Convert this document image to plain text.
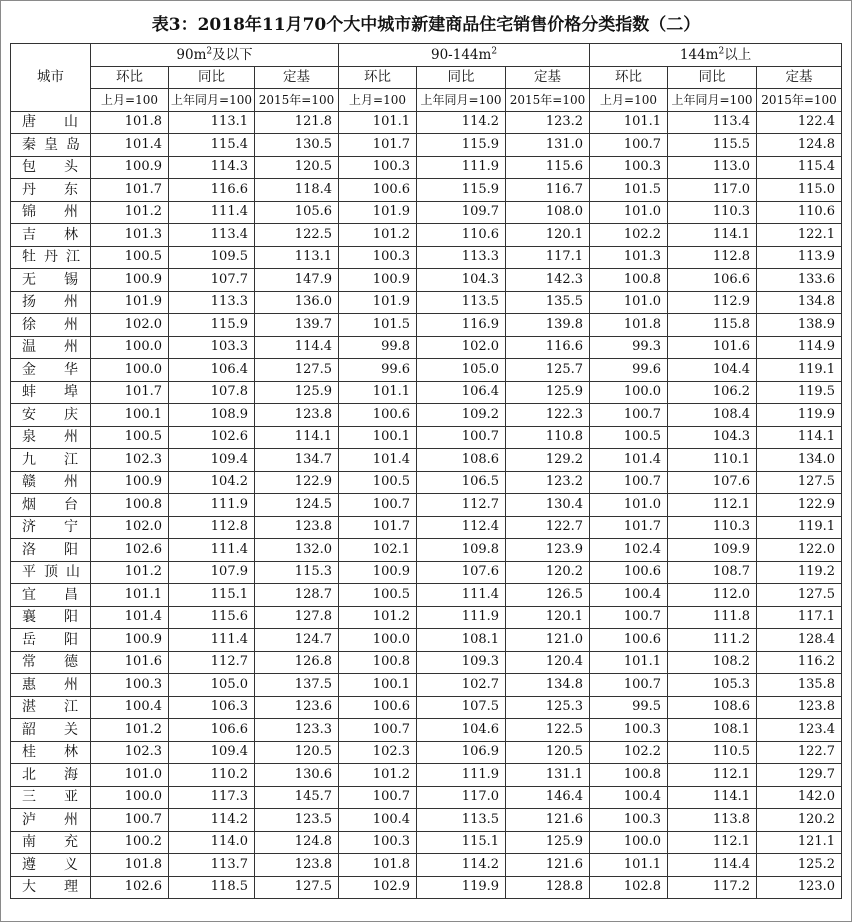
表3：2018年11月70个大中城市新建商品住宅销售价格分类指数（二）
城市	$90m^2$及以下			$90-144m^2$			$144m^2$以上		
	环比	同比	定基	环比	同比	定基	环比	同比	定基
	上月=100	上年同月=100	2015年=100	上月=100	上年同月=100	2015年=100	上月=100	上年同月=100	2015年=100
唐山	101.8	113.1	121.8	101.1	114.2	123.2	101.1	113.4	122.4
秦皇岛	101.4	115.4	130.5	101.7	115.9	131.0	100.7	115.5	124.8
包头	100.9	114.3	120.5	100.3	111.9	115.6	100.3	113.0	115.4
丹东	101.7	116.6	118.4	100.6	115.9	116.7	101.5	117.0	115.0
锦州	101.2	111.4	105.6	101.9	109.7	108.0	101.0	110.3	110.6
吉林	101.3	113.4	122.5	101.2	110.6	120.1	102.2	114.1	122.1
牡丹江	100.5	109.5	113.1	100.3	113.3	117.1	101.3	112.8	113.9
无锡	100.9	107.7	147.9	100.9	104.3	142.3	100.8	106.6	133.6
扬州	101.9	113.3	136.0	101.9	113.5	135.5	101.0	112.9	134.8
徐州	102.0	115.9	139.7	101.5	116.9	139.8	101.8	115.8	138.9
温州	100.0	103.3	114.4	99.8	102.0	116.6	99.3	101.6	114.9
金华	100.0	106.4	127.5	99.6	105.0	125.7	99.6	104.4	119.1
蚌埠	101.7	107.8	125.9	101.1	106.4	125.9	100.0	106.2	119.5
安庆	100.1	108.9	123.8	100.6	109.2	122.3	100.7	108.4	119.9
泉州	100.5	102.6	114.1	100.1	100.7	110.8	100.5	104.3	114.1
九江	102.3	109.4	134.7	101.4	108.6	129.2	101.4	110.1	134.0
赣州	100.9	104.2	122.9	100.5	106.5	123.2	100.7	107.6	127.5
烟台	100.8	111.9	124.5	100.7	112.7	130.4	101.0	112.1	122.9
济宁	102.0	112.8	123.8	101.7	112.4	122.7	101.7	110.3	119.1
洛阳	102.6	111.4	132.0	102.1	109.8	123.9	102.4	109.9	122.0
平顶山	101.2	107.9	115.3	100.9	107.6	120.2	100.6	108.7	119.2
宜昌	101.1	115.1	128.7	100.5	111.4	126.5	100.4	112.0	127.5
襄阳	101.4	115.6	127.8	101.2	111.9	120.1	100.7	111.8	117.1
岳阳	100.9	111.4	124.7	100.0	108.1	121.0	100.6	111.2	128.4
常德	101.6	112.7	126.8	100.8	109.3	120.4	101.1	108.2	116.2
惠州	100.3	105.0	137.5	100.1	102.7	134.8	100.7	105.3	135.8
湛江	100.4	106.3	123.6	100.6	107.5	125.3	99.5	108.6	123.8
韶关	101.2	106.6	123.3	100.7	104.6	122.5	100.3	108.1	123.4
桂林	102.3	109.4	120.5	102.3	106.9	120.5	102.2	110.5	122.7
北海	101.0	110.2	130.6	101.2	111.9	131.1	100.8	112.1	129.7
三亚	100.0	117.3	145.7	100.7	117.0	146.4	100.4	114.1	142.0
泸州	100.7	114.2	123.5	100.4	113.5	121.6	100.3	113.8	120.2
南充	100.2	114.0	124.8	100.3	115.1	125.9	100.0	112.1	121.1
遵义	101.8	113.7	123.8	101.8	114.2	121.6	101.1	114.4	125.2
大理	102.6	118.5	127.5	102.9	119.9	128.8	102.8	117.2	123.0
